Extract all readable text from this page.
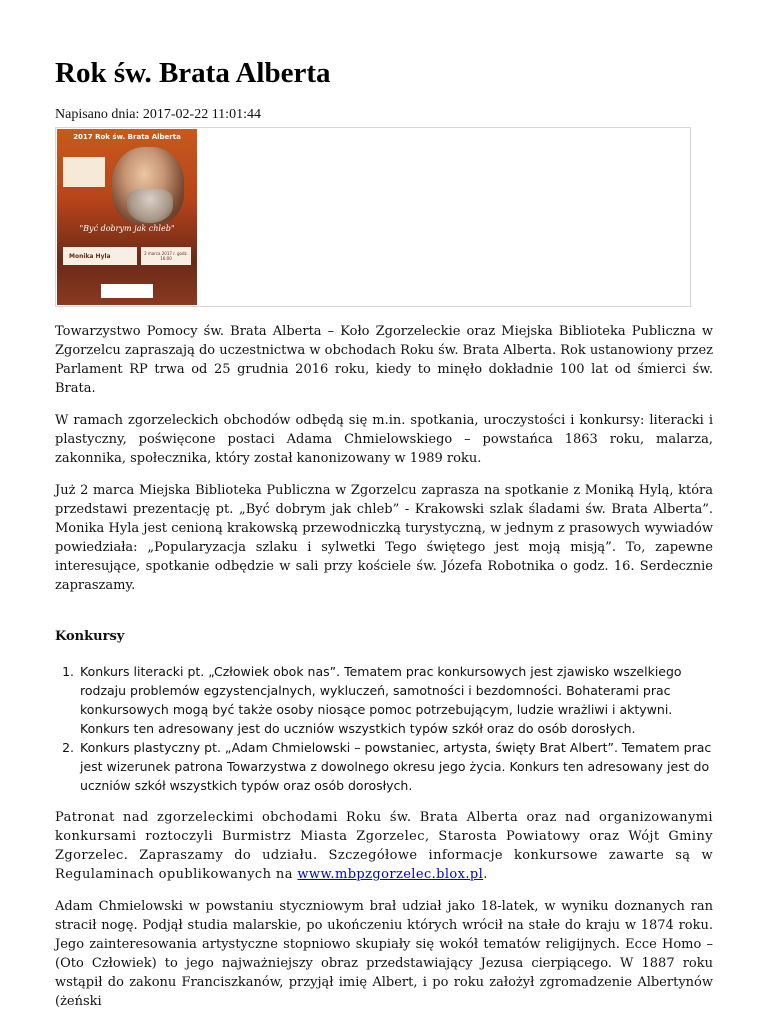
Rok św. Brata Alberta
Napisano dnia: 2017-02-22 11:01:44
2017 Rok św. Brata Alberta
"Być dobrym jak chleb"
Monika Hyla	2 marca 2017 r. godz. 16:00

Towarzystwo Pomocy św. Brata Alberta – Koło Zgorzeleckie oraz Miejska Biblioteka Publiczna w Zgorzelcu zapraszają do uczestnictwa w obchodach Roku św. Brata Alberta. Rok ustanowiony przez Parlament RP trwa od 25 grudnia 2016 roku, kiedy to minęło dokładnie 100 lat od śmierci św. Brata.

W ramach zgorzeleckich obchodów odbędą się m.in. spotkania, uroczystości i konkursy: literacki i plastyczny, poświęcone postaci Adama Chmielowskiego – powstańca 1863 roku, malarza, zakonnika, społecznika, który został kanonizowany w 1989 roku.

Już 2 marca Miejska Biblioteka Publiczna w Zgorzelcu zaprasza na spotkanie z Moniką Hylą, która przedstawi prezentację pt. „Być dobrym jak chleb” - Krakowski szlak śladami św. Brata Alberta”. Monika Hyla jest cenioną krakowską przewodniczką turystyczną, w jednym z prasowych wywiadów powiedziała: „Popularyzacja szlaku i sylwetki Tego świętego jest moją misją”. To, zapewne interesujące, spotkanie odbędzie w sali przy kościele św. Józefa Robotnika o godz. 16. Serdecznie zapraszamy.

Konkursy
1. Konkurs literacki pt. „Człowiek obok nas”. Tematem prac konkursowych jest zjawisko wszelkiego rodzaju problemów egzystencjalnych, wykluczeń, samotności i bezdomności. Bohaterami prac konkursowych mogą być także osoby niosące pomoc potrzebującym, ludzie wrażliwi i aktywni. Konkurs ten adresowany jest do uczniów wszystkich typów szkół oraz do osób dorosłych.
2. Konkurs plastyczny pt. „Adam Chmielowski – powstaniec, artysta, święty Brat Albert”. Tematem prac jest wizerunek patrona Towarzystwa z dowolnego okresu jego życia. Konkurs ten adresowany jest do uczniów szkół wszystkich typów oraz osób dorosłych.

Patronat nad zgorzeleckimi obchodami Roku św. Brata Alberta oraz nad organizowanymi konkursami roztoczyli Burmistrz Miasta Zgorzelec, Starosta Powiatowy oraz Wójt Gminy Zgorzelec. Zapraszamy do udziału. Szczegółowe informacje konkursowe zawarte są w Regulaminach opublikowanych na www.mbpzgorzelec.blox.pl.

Adam Chmielowski w powstaniu styczniowym brał udział jako 18-latek, w wyniku doznanych ran stracił nogę. Podjął studia malarskie, po ukończeniu których wrócił na stałe do kraju w 1874 roku. Jego zainteresowania artystyczne stopniowo skupiały się wokół tematów religijnych. Ecce Homo – (Oto Człowiek) to jego najważniejszy obraz przedstawiający Jezusa cierpiącego. W 1887 roku wstąpił do zakonu Franciszkanów, przyjął imię Albert, i po roku założył zgromadzenie Albertynów (żeński
